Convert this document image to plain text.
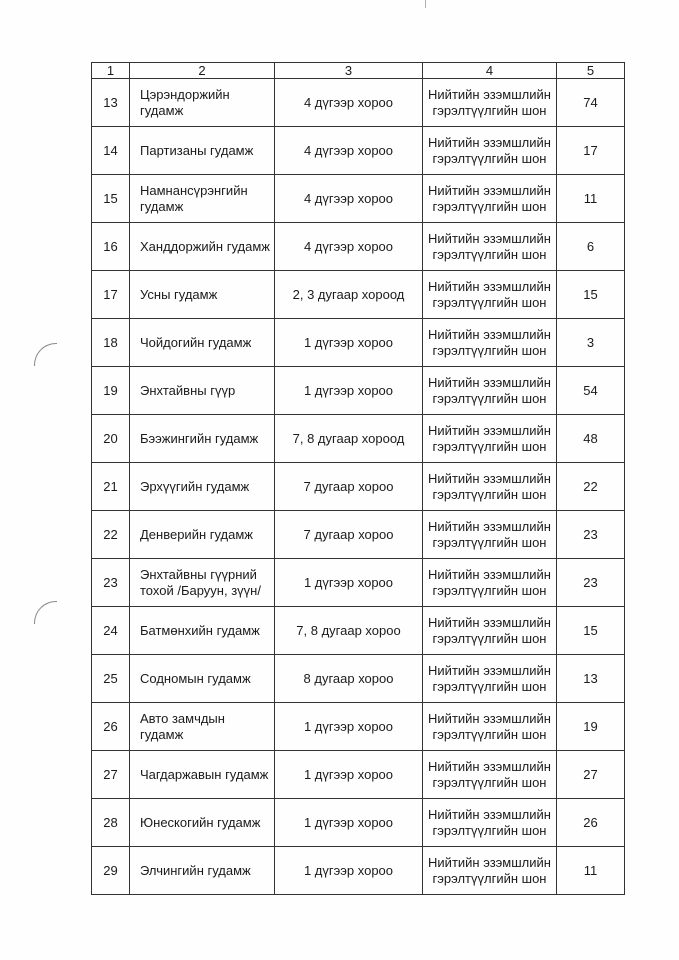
1	2	3	4	5
13	Цэрэндоржийн гудамж	4 дүгээр хороо	Нийтийн эзэмшлийн гэрэлтүүлгийн шон	74
14	Партизаны гудамж	4 дүгээр хороо	Нийтийн эзэмшлийн гэрэлтүүлгийн шон	17
15	Намнансүрэнгийн гудамж	4 дүгээр хороо	Нийтийн эзэмшлийн гэрэлтүүлгийн шон	11
16	Ханддоржийн гудамж	4 дүгээр хороо	Нийтийн эзэмшлийн гэрэлтүүлгийн шон	6
17	Усны гудамж	2, 3 дугаар хороод	Нийтийн эзэмшлийн гэрэлтүүлгийн шон	15
18	Чойдогийн гудамж	1 дүгээр хороо	Нийтийн эзэмшлийн гэрэлтүүлгийн шон	3
19	Энхтайвны гүүр	1 дүгээр хороо	Нийтийн эзэмшлийн гэрэлтүүлгийн шон	54
20	Бээжингийн гудамж	7, 8 дугаар хороод	Нийтийн эзэмшлийн гэрэлтүүлгийн шон	48
21	Эрхүүгийн гудамж	7 дугаар хороо	Нийтийн эзэмшлийн гэрэлтүүлгийн шон	22
22	Денверийн гудамж	7 дугаар хороо	Нийтийн эзэмшлийн гэрэлтүүлгийн шон	23
23	Энхтайвны гүүрний тохой /Баруун, зүүн/	1 дүгээр хороо	Нийтийн эзэмшлийн гэрэлтүүлгийн шон	23
24	Батмөнхийн гудамж	7, 8 дугаар хороо	Нийтийн эзэмшлийн гэрэлтүүлгийн шон	15
25	Содномын гудамж	8 дугаар хороо	Нийтийн эзэмшлийн гэрэлтүүлгийн шон	13
26	Авто замчдын гудамж	1 дүгээр хороо	Нийтийн эзэмшлийн гэрэлтүүлгийн шон	19
27	Чагдаржавын гудамж	1 дүгээр хороо	Нийтийн эзэмшлийн гэрэлтүүлгийн шон	27
28	Юнескогийн гудамж	1 дүгээр хороо	Нийтийн эзэмшлийн гэрэлтүүлгийн шон	26
29	Элчингийн гудамж	1 дүгээр хороо	Нийтийн эзэмшлийн гэрэлтүүлгийн шон	11
